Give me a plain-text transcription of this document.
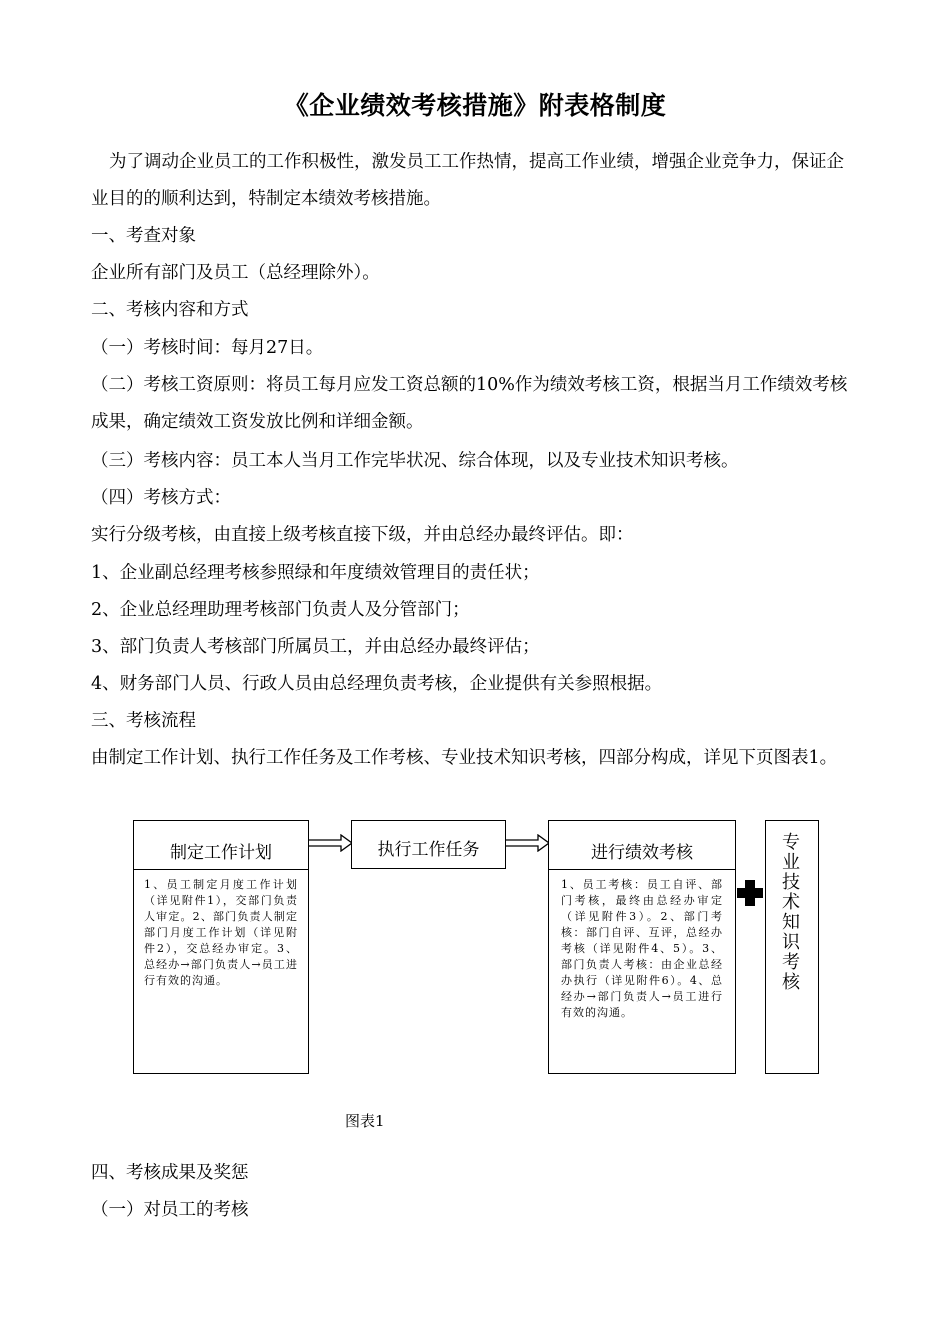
《企业绩效考核措施》附表格制度

为了调动企业员工的工作积极性，激发员工工作热情，提高工作业绩，增强企业竞争力，保证企业目的的顺利达到，特制定本绩效考核措施。

一、考查对象

企业所有部门及员工（总经理除外）。

二、考核内容和方式

（一）考核时间：每月27日。

（二）考核工资原则：将员工每月应发工资总额的10%作为绩效考核工资，根据当月工作绩效考核成果，确定绩效工资发放比例和详细金额。

（三）考核内容：员工本人当月工作完毕状况、综合体现，以及专业技术知识考核。

（四）考核方式：

实行分级考核，由直接上级考核直接下级，并由总经办最终评估。即：

1、企业副总经理考核参照绿和年度绩效管理目的责任状；

2、企业总经理助理考核部门负责人及分管部门；

3、部门负责人考核部门所属员工，并由总经办最终评估；

4、财务部门人员、行政人员由总经理负责考核，企业提供有关参照根据。

三、考核流程

由制定工作计划、执行工作任务及工作考核、专业技术知识考核，四部分构成，详见下页图表1。

制定工作计划
1、员工制定月度工作计划（详见附件1），交部门负责人审定。2、部门负责人制定部门月度工作计划（详见附件2），交总经办审定。3、总经办→部门负责人→员工进行有效的沟通。
执行工作任务	进行绩效考核
1、员工考核：员工自评、部门考核，最终由总经办审定（详见附件3）。2、部门考核：部门自评、互评，总经办考核（详见附件4、5）。3、部门负责人考核：由企业总经办执行（详见附件6）。4、总经办→部门负责人→员工进行有效的沟通。
专业技术知识考核
图表1

四、考核成果及奖惩

（一）对员工的考核
